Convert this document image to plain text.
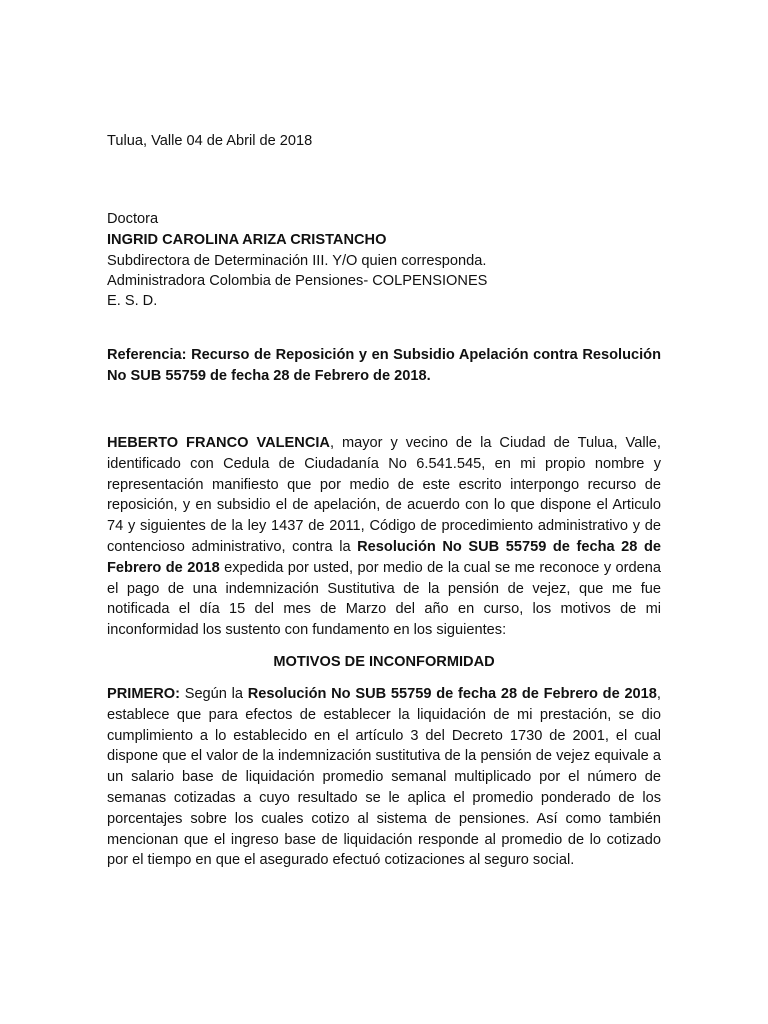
Tulua, Valle 04 de Abril de 2018
Doctora
INGRID CAROLINA ARIZA CRISTANCHO
Subdirectora de Determinación III. Y/O quien corresponda.
Administradora Colombia de Pensiones- COLPENSIONES
E. S. D.
Referencia: Recurso de Reposición y en Subsidio Apelación contra Resolución No SUB 55759 de fecha 28 de Febrero de 2018.
HEBERTO FRANCO VALENCIA, mayor y vecino de la Ciudad de Tulua, Valle, identificado con Cedula de Ciudadanía No 6.541.545, en mi propio nombre y representación manifiesto que por medio de este escrito interpongo recurso de reposición, y en subsidio el de apelación, de acuerdo con lo que dispone el Articulo 74 y siguientes de la ley 1437 de 2011, Código de procedimiento administrativo y de contencioso administrativo, contra la Resolución No SUB 55759 de fecha 28 de Febrero de 2018 expedida por usted, por medio de la cual se me reconoce y ordena el pago de una indemnización Sustitutiva de la pensión de vejez, que me fue notificada el día 15 del mes de Marzo del año en curso, los motivos de mi inconformidad los sustento con fundamento en los siguientes:
MOTIVOS DE INCONFORMIDAD
PRIMERO: Según la Resolución No SUB 55759 de fecha 28 de Febrero de 2018, establece que para efectos de establecer la liquidación de mi prestación, se dio cumplimiento a lo establecido en el artículo 3 del Decreto 1730 de 2001, el cual dispone que el valor de la indemnización sustitutiva de la pensión de vejez equivale a un salario base de liquidación promedio semanal multiplicado por el número de semanas cotizadas a cuyo resultado se le aplica el promedio ponderado de los porcentajes sobre los cuales cotizo al sistema de pensiones. Así como también mencionan que el ingreso base de liquidación responde al promedio de lo cotizado por el tiempo en que el asegurado efectuó cotizaciones al seguro social.
